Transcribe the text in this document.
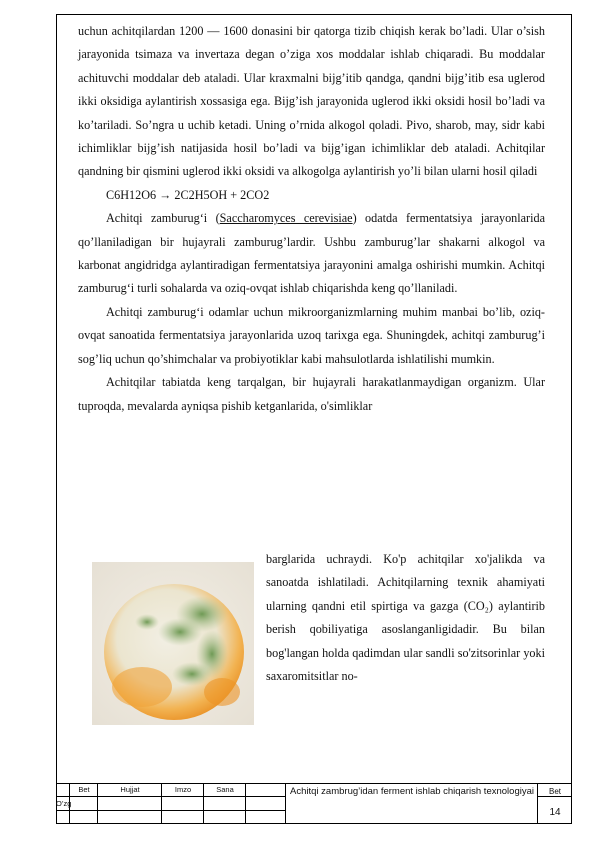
uchun achitqilardan 1200 — 1600 donasini bir qatorga tizib chiqish kerak bo’ladi. Ular o’sish jarayonida tsimaza va invertaza degan o’ziga xos moddalar ishlab chiqaradi. Bu moddalar achituvchi moddalar deb ataladi. Ular kraxmalni bijg’itib qandga, qandni bijg’itib esa uglerod ikki oksidiga aylantirish xossasiga ega. Bijg’ish jarayonida uglerod ikki oksidi hosil bo’ladi va ko’tariladi. So’ngra u uchib ketadi. Uning o’rnida alkogol qoladi. Pivo, sharob, may, sidr kabi ichimliklar bijg’ish natijasida hosil bo’ladi va bijg’igan ichimliklar deb ataladi. Achitqilar qandning bir qismini uglerod ikki oksidi va alkogolga aylantirish yo’li bilan ularni hosil qiladi

C6H12O6 → 2C2H5OH + 2CO2

Achitqi zamburug‘i (Saccharomyces cerevisiae) odatda fermentatsiya jarayonlarida qo’llaniladigan bir hujayrali zamburug’lardir. Ushbu zamburug’lar shakarni alkogol va karbonat angidridga aylantiradigan fermentatsiya jarayonini amalga oshirishi mumkin. Achitqi zamburug‘i turli sohalarda va oziq-ovqat ishlab chiqarishda keng qo’llaniladi.

Achitqi zamburug‘i odamlar uchun mikroorganizmlarning muhim manbai bo’lib, oziq-ovqat sanoatida fermentatsiya jarayonlarida uzoq tarixga ega. Shuningdek, achitqi zamburug’i sog’liq uchun qo’shimchalar va probiyotiklar kabi mahsulotlarda ishlatilishi mumkin.

Achitqilar tabiatda keng tarqalgan, bir hujayrali harakatlanmaydigan organizm. Ular tuproqda, mevalarda ayniqsa pishib ketganlarida, o'simliklar

barglarida uchraydi. Ko'p achitqilar xo'jalikda va sanoatda ishlatiladi. Achitqilarning texnik ahamiyati ularning qandni etil spirtiga va gazga (CO₂) aylantirib berish qobiliyatiga asoslanganligidadir. Bu bilan bog'langan holda qadimdan ular sandli so'zitsorinlar yoki saxaromitsitlar no-
O’zg
Bet	Hujjat	Imzo	Sana	Achitqi zambrug’idan ferment ishlab chiqarish texnologiyai	Bet
14
